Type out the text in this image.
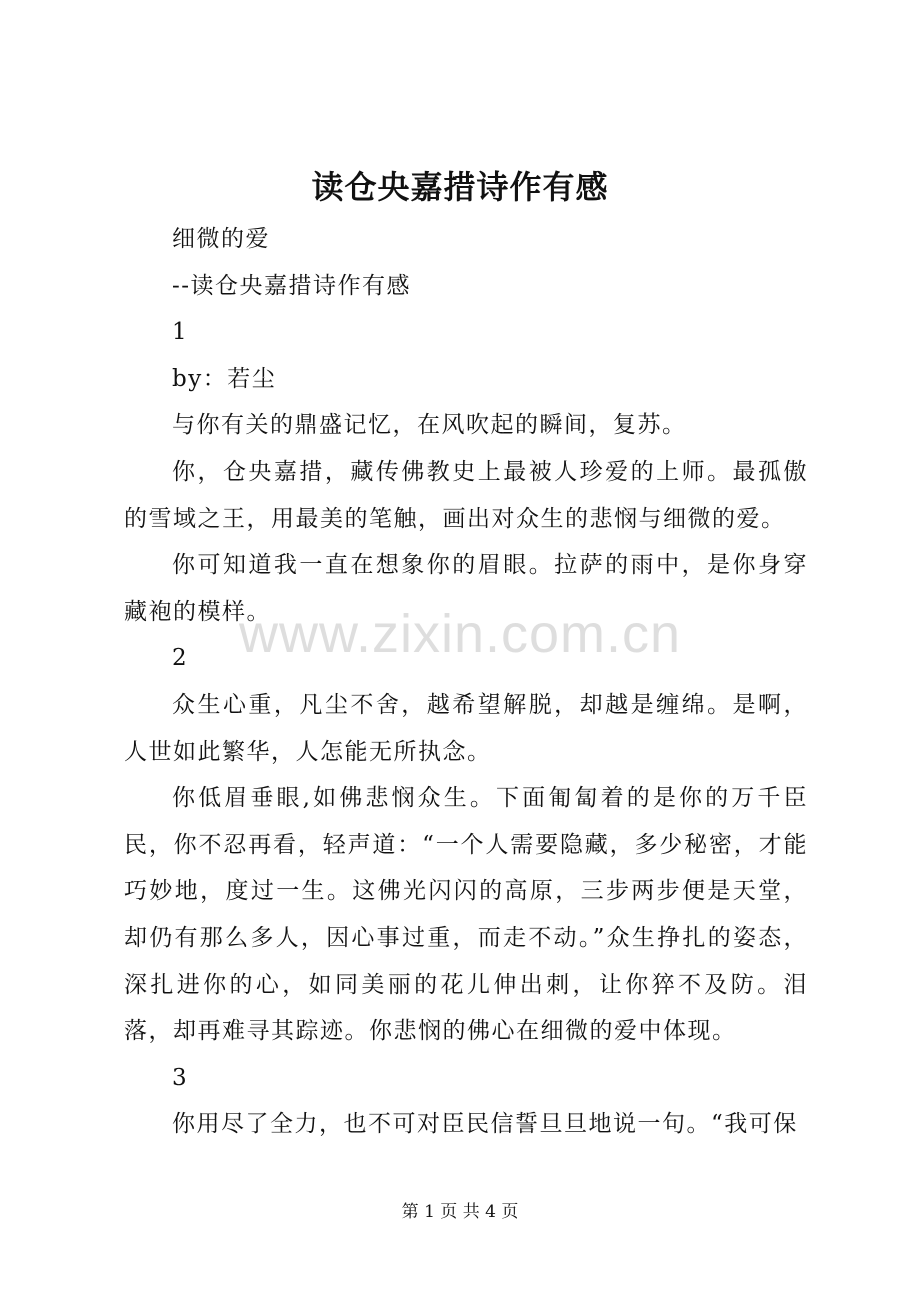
读仓央嘉措诗作有感

细微的爱

--读仓央嘉措诗作有感

1

by：若尘

与你有关的鼎盛记忆，在风吹起的瞬间，复苏。

你，仓央嘉措，藏传佛教史上最被人珍爱的上师。最孤傲的雪域之王，用最美的笔触，画出对众生的悲悯与细微的爱。

你可知道我一直在想象你的眉眼。拉萨的雨中，是你身穿藏袍的模样。

2

众生心重，凡尘不舍，越希望解脱，却越是缠绵。是啊，人世如此繁华，人怎能无所执念。

你低眉垂眼,如佛悲悯众生。下面匍匐着的是你的万千臣民，你不忍再看，轻声道：“一个人需要隐藏，多少秘密，才能巧妙地，度过一生。这佛光闪闪的高原，三步两步便是天堂，却仍有那么多人，因心事过重，而走不动。”众生挣扎的姿态，深扎进你的心，如同美丽的花儿伸出刺，让你猝不及防。泪落，却再难寻其踪迹。你悲悯的佛心在细微的爱中体现。

3

你用尽了全力，也不可对臣民信誓旦旦地说一句。“我可保

www.zixin.com.cn
第 1 页 共 4 页
